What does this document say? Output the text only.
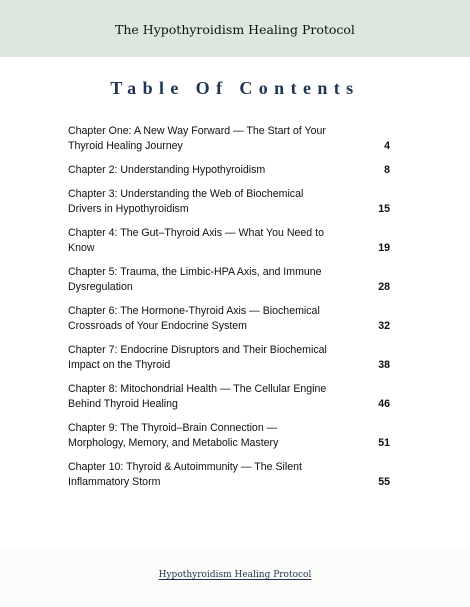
The Hypothyroidism Healing Protocol
Table Of Contents
Chapter One: A New Way Forward — The Start of Your Thyroid Healing Journey	4
Chapter 2: Understanding Hypothyroidism	8
Chapter 3: Understanding the Web of Biochemical Drivers in Hypothyroidism	15
Chapter 4: The Gut–Thyroid Axis — What You Need to Know	19
Chapter 5: Trauma, the Limbic-HPA Axis, and Immune Dysregulation	28
Chapter 6: The Hormone-Thyroid Axis — Biochemical Crossroads of Your Endocrine System	32
Chapter 7: Endocrine Disruptors and Their Biochemical Impact on the Thyroid	38
Chapter 8: Mitochondrial Health — The Cellular Engine Behind Thyroid Healing	46
Chapter 9: The Thyroid–Brain Connection — Morphology, Memory, and Metabolic Mastery	51
Chapter 10: Thyroid & Autoimmunity — The Silent Inflammatory Storm	55
Hypothyroidism Healing Protocol
